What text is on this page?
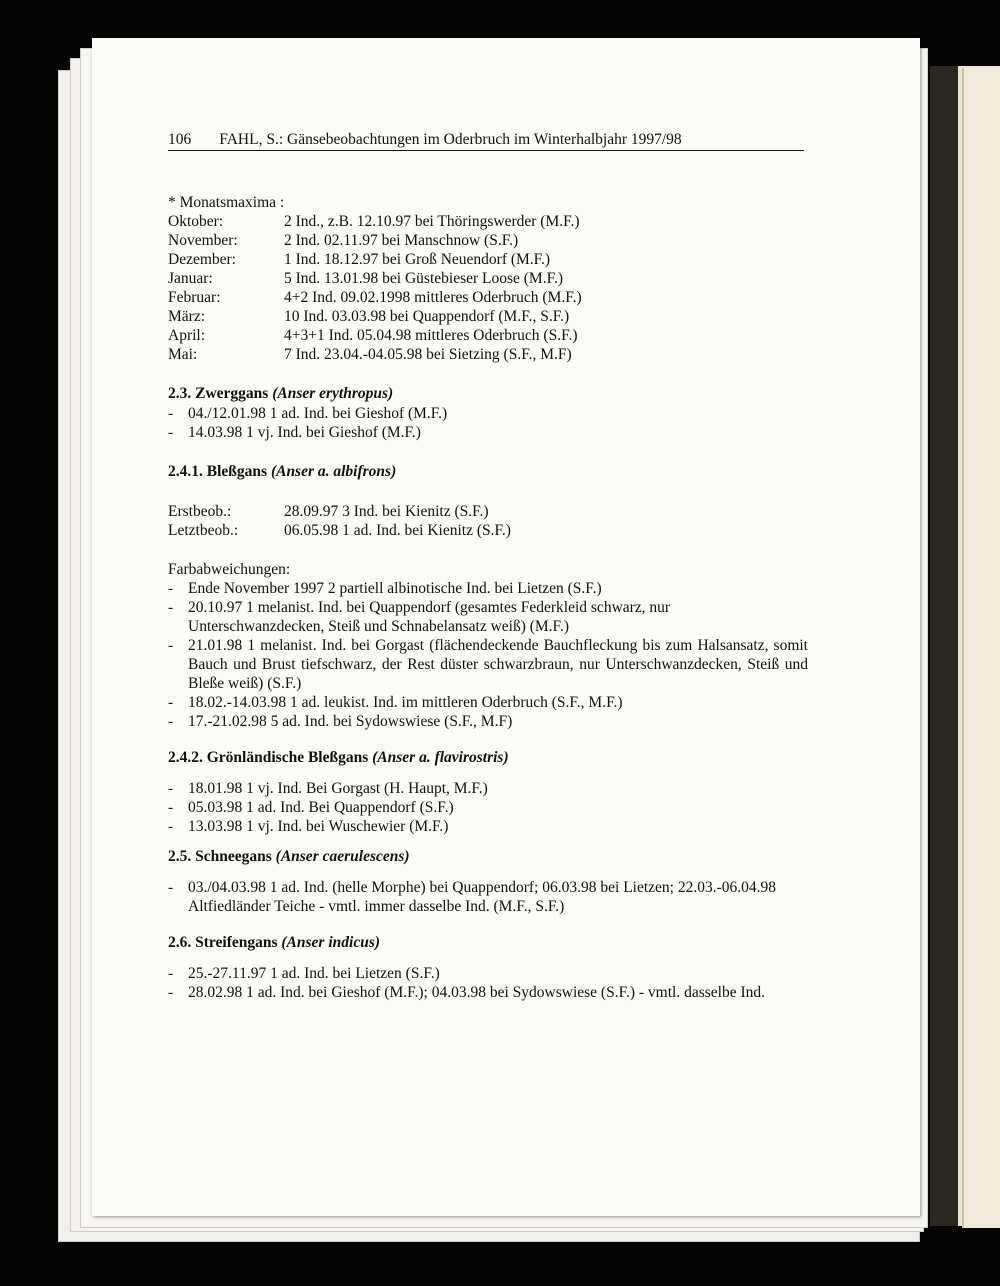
106 FAHL, S.: Gänsebeobachtungen im Oderbruch im Winterhalbjahr 1997/98
* Monatsmaxima :
Oktober:	2 Ind., z.B. 12.10.97 bei Thöringswerder (M.F.)
November:	2 Ind. 02.11.97 bei Manschnow (S.F.)
Dezember:	1 Ind. 18.12.97 bei Groß Neuendorf (M.F.)
Januar:	5 Ind. 13.01.98 bei Güstebieser Loose (M.F.)
Februar:	4+2 Ind. 09.02.1998 mittleres Oderbruch (M.F.)
März:	10 Ind. 03.03.98 bei Quappendorf (M.F., S.F.)
April:	4+3+1 Ind. 05.04.98 mittleres Oderbruch (S.F.)
Mai:	7 Ind. 23.04.-04.05.98 bei Sietzing (S.F., M.F)
2.3. Zwerggans (Anser erythropus)
- 04./12.01.98 1 ad. Ind. bei Gieshof (M.F.)
- 14.03.98 1 vj. Ind. bei Gieshof (M.F.)
2.4.1. Bleßgans (Anser a. albifrons)
Erstbeob.:	28.09.97 3 Ind. bei Kienitz (S.F.)
Letztbeob.:	06.05.98 1 ad. Ind. bei Kienitz (S.F.)
Farbabweichungen:
- Ende November 1997 2 partiell albinotische Ind. bei Lietzen (S.F.)
- 20.10.97 1 melanist. Ind. bei Quappendorf (gesamtes Federkleid schwarz, nur Unterschwanzdecken, Steiß und Schnabelansatz weiß) (M.F.)
- 21.01.98 1 melanist. Ind. bei Gorgast (flächendeckende Bauchfleckung bis zum Halsansatz, somit Bauch und Brust tiefschwarz, der Rest düster schwarzbraun, nur Unterschwanzdecken, Steiß und Bleße weiß) (S.F.)
- 18.02.-14.03.98 1 ad. leukist. Ind. im mittleren Oderbruch (S.F., M.F.)
- 17.-21.02.98 5 ad. Ind. bei Sydowswiese (S.F., M.F)
2.4.2. Grönländische Bleßgans (Anser a. flavirostris)
- 18.01.98 1 vj. Ind. Bei Gorgast (H. Haupt, M.F.)
- 05.03.98 1 ad. Ind. Bei Quappendorf (S.F.)
- 13.03.98 1 vj. Ind. bei Wuschewier (M.F.)
2.5. Schneegans (Anser caerulescens)
- 03./04.03.98 1 ad. Ind. (helle Morphe) bei Quappendorf; 06.03.98 bei Lietzen; 22.03.-06.04.98 Altfiedländer Teiche - vmtl. immer dasselbe Ind. (M.F., S.F.)
2.6. Streifengans (Anser indicus)
- 25.-27.11.97 1 ad. Ind. bei Lietzen (S.F.)
- 28.02.98 1 ad. Ind. bei Gieshof (M.F.); 04.03.98 bei Sydowswiese (S.F.) - vmtl. dasselbe Ind.
